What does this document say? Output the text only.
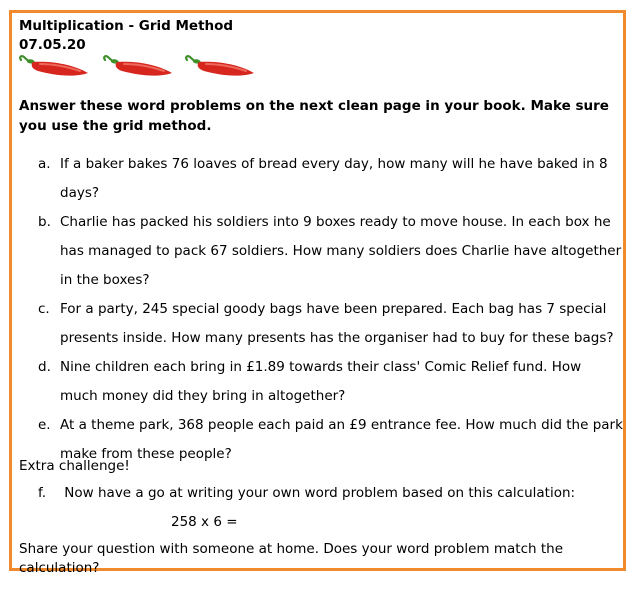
Multiplication - Grid Method
07.05.20
Answer these word problems on the next clean page in your book. Make sure you use the grid method.
a. If a baker bakes 76 loaves of bread every day, how many will he have baked in 8 days?
b. Charlie has packed his soldiers into 9 boxes ready to move house. In each box he has managed to pack 67 soldiers. How many soldiers does Charlie have altogether in the boxes?
c. For a party, 245 special goody bags have been prepared. Each bag has 7 special presents inside. How many presents has the organiser had to buy for these bags?
d. Nine children each bring in £1.89 towards their class' Comic Relief fund. How much money did they bring in altogether?
e. At a theme park, 368 people each paid an £9 entrance fee. How much did the park make from these people?
Extra challenge!
f. Now have a go at writing your own word problem based on this calculation:
258 x 6 =
Share your question with someone at home. Does your word problem match the calculation?
